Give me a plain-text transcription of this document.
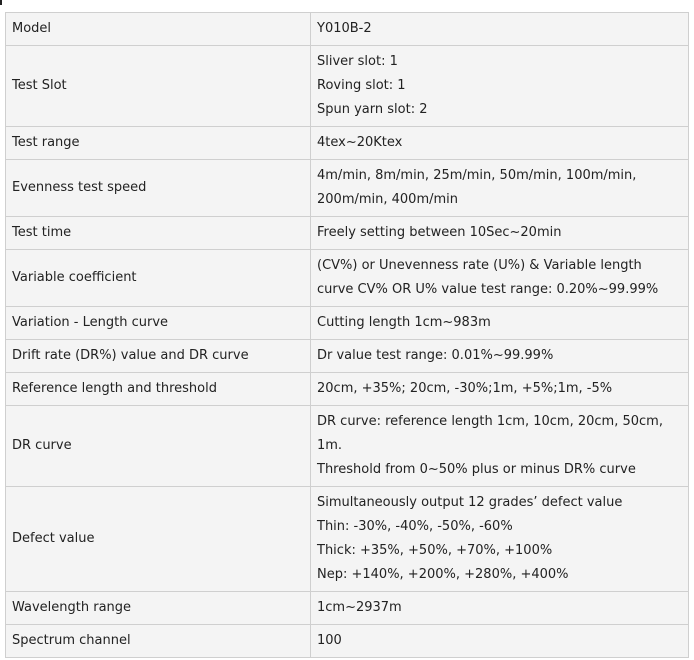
Model	Y010B-2

Test Slot	Sliver slot: 1
Roving slot: 1
Spun yarn slot: 2

Test range	4tex~20Ktex

Evenness test speed	4m/min, 8m/min, 25m/min, 50m/min, 100m/min,
200m/min, 400m/min

Test time	Freely setting between 10Sec~20min

Variable coefficient	(CV%) or Unevenness rate (U%) & Variable length
curve CV% OR U% value test range: 0.20%~99.99%

Variation - Length curve	Cutting length 1cm~983m

Drift rate (DR%) value and DR curve	Dr value test range: 0.01%~99.99%

Reference length and threshold	20cm, +35%; 20cm, -30%;1m, +5%;1m, -5%

DR curve	DR curve: reference length 1cm, 10cm, 20cm, 50cm,
1m.
Threshold from 0~50% plus or minus DR% curve

Defect value	Simultaneously output 12 grades’ defect value
Thin: -30%, -40%, -50%, -60%
Thick: +35%, +50%, +70%, +100%
Nep: +140%, +200%, +280%, +400%

Wavelength range	1cm~2937m

Spectrum channel	100
